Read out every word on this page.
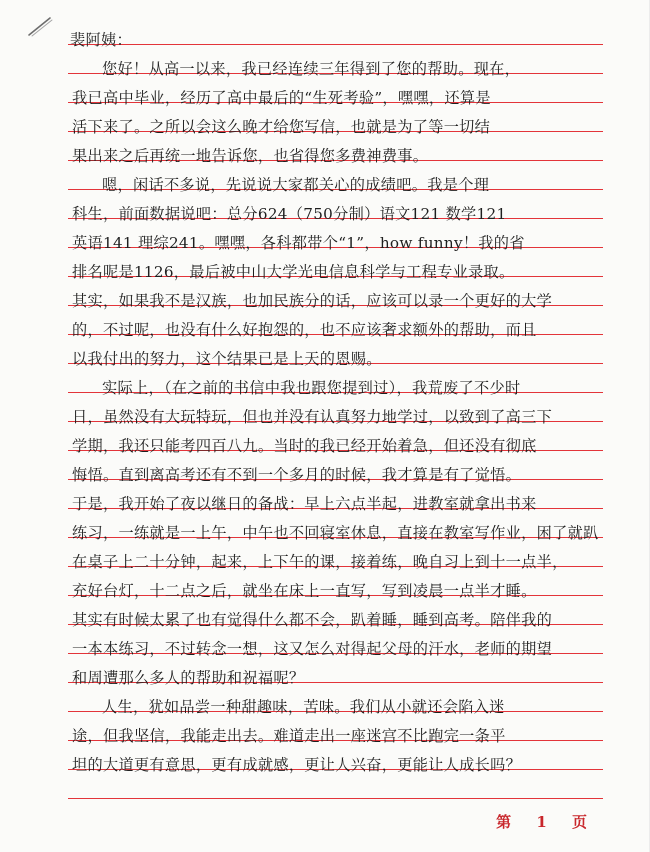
裴阿姨：
您好！从高一以来，我已经连续三年得到了您的帮助。现在，
我已高中毕业，经历了高中最后的“生死考验”，嘿嘿，还算是
活下来了。之所以会这么晚才给您写信，也就是为了等一切结
果出来之后再统一地告诉您，也省得您多费神费事。
嗯，闲话不多说，先说说大家都关心的成绩吧。我是个理
科生，前面数据说吧：总分624（750分制）语文121 数学121
英语141 理综241。嘿嘿，各科都带个“1”，how funny！我的省
排名呢是1126，最后被中山大学光电信息科学与工程专业录取。
其实，如果我不是汉族，也加民族分的话，应该可以录一个更好的大学
的，不过呢，也没有什么好抱怨的，也不应该奢求额外的帮助，而且
以我付出的努力，这个结果已是上天的恩赐。
实际上，（在之前的书信中我也跟您提到过），我荒废了不少时
日，虽然没有大玩特玩，但也并没有认真努力地学过，以致到了高三下
学期，我还只能考四百八九。当时的我已经开始着急，但还没有彻底
悔悟。直到离高考还有不到一个多月的时候，我才算是有了觉悟。
于是，我开始了夜以继日的备战：早上六点半起，进教室就拿出书来
练习，一练就是一上午，中午也不回寝室休息，直接在教室写作业，困了就趴
在桌子上二十分钟，起来，上下午的课，接着练，晚自习上到十一点半，
充好台灯，十二点之后，就坐在床上一直写，写到凌晨一点半才睡。
其实有时候太累了也有觉得什么都不会，趴着睡，睡到高考。陪伴我的
一本本练习，不过转念一想，这又怎么对得起父母的汗水，老师的期望
和周遭那么多人的帮助和祝福呢？
人生，犹如品尝一种甜趣味，苦味。我们从小就还会陷入迷
途，但我坚信，我能走出去。难道走出一座迷宫不比跑完一条平
坦的大道更有意思，更有成就感，更让人兴奋，更能让人成长吗？
第 1 页
